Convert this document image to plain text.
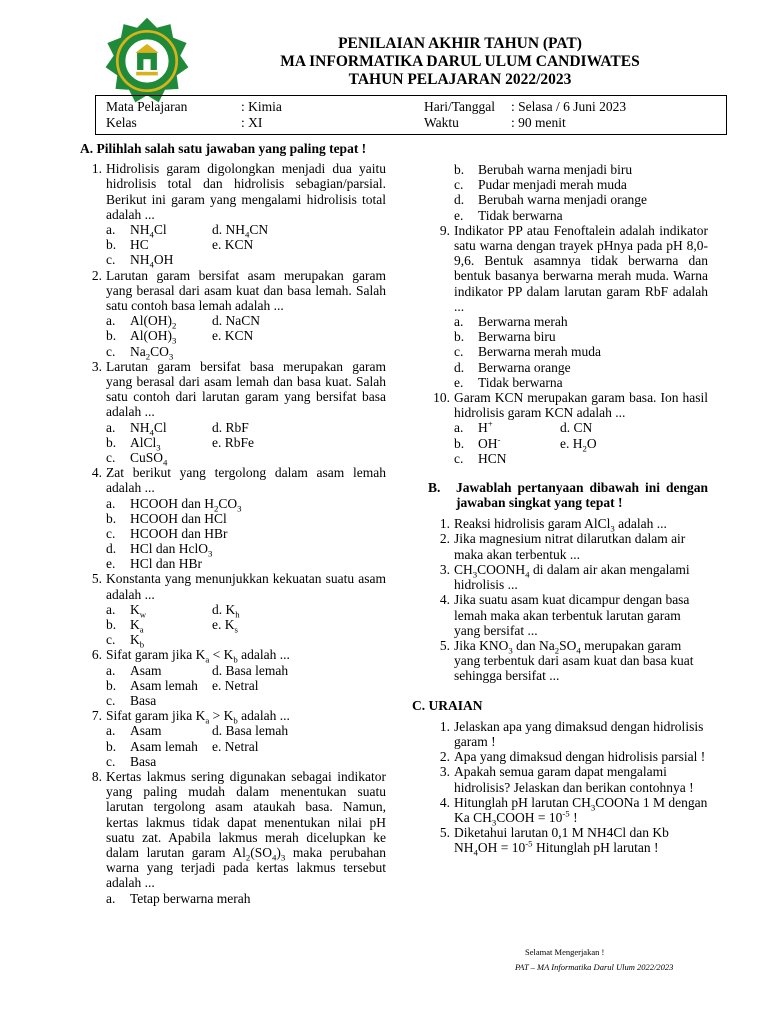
PENILAIAN AKHIR TAHUN (PAT)
MA INFORMATIKA DARUL ULUM CANDIWATES
TAHUN PELAJARAN 2022/2023
Mata Pelajaran	: Kimia	Hari/Tanggal : Selasa / 6 Juni 2023
Kelas	: XI	Waktu	: 90 menit
A. Pilihlah salah satu jawaban yang paling tepat !
1. Hidrolisis garam digolongkan menjadi dua yaitu hidrolisis total dan hidrolisis sebagian/parsial. Berikut ini garam yang mengalami hidrolisis total adalah ...
a.	$NH_4Cl$	d. $NH_4CN$
b.	HC	e. KCN
c.	$NH_4OH$
2. Larutan garam bersifat asam merupakan garam yang berasal dari asam kuat dan basa lemah. Salah satu contoh basa lemah adalah ...
a.	$Al(OH)_2$	d. NaCN
b.	$Al(OH)_3$	e. KCN
c.	$Na_2CO_3$
3. Larutan garam bersifat basa merupakan garam yang berasal dari asam lemah dan basa kuat. Salah satu contoh dari larutan garam yang bersifat basa adalah ...
a.	$NH_4Cl$	d. RbF
b.	AlCl$_3$	e. RbFe
c.	CuSO$_4$
4. Zat berikut yang tergolong dalam asam lemah adalah ...
a.	HCOOH dan $H_2CO_3$
b.	HCOOH dan HCl
c.	HCOOH dan HBr
d.	HCl dan HclO$_3$
e.	HCl dan HBr
5. Konstanta yang menunjukkan kekuatan suatu asam adalah ...
a.	$K_w$	d. $K_h$
b.	$K_a$	e. $K_s$
c.	$K_b$
6. Sifat garam jika $K_a < K_b$ adalah ...
a.	Asam	d. Basa lemah
b.	Asam lemah e. Netral
c.	Basa
7. Sifat garam jika $K_a > K_b$ adalah ...
a.	Asam	d. Basa lemah
b.	Asam lemah e. Netral
c.	Basa
8. Kertas lakmus sering digunakan sebagai indikator yang paling mudah dalam menentukan suatu larutan tergolong asam ataukah basa. Namun, kertas lakmus tidak dapat menentukan nilai pH suatu zat. Apabila lakmus merah dicelupkan ke dalam larutan garam $Al_2(SO_4)_3$ maka perubahan warna yang terjadi pada kertas lakmus tersebut adalah ...
a.	Tetap berwarna merah
b.	Berubah warna menjadi biru
c.	Pudar menjadi merah muda
d.	Berubah warna menjadi orange
e.	Tidak berwarna
9. Indikator PP atau Fenoftalein adalah indikator satu warna dengan trayek pHnya pada pH 8,0-9,6. Bentuk asamnya tidak berwarna dan bentuk basanya berwarna merah muda. Warna indikator PP dalam larutan garam RbF adalah ...
a.	Berwarna merah
b.	Berwarna biru
c.	Berwarna merah muda
d.	Berwarna orange
e.	Tidak berwarna
10. Garam KCN merupakan garam basa. Ion hasil hidrolisis garam KCN adalah ...
a.	H+	d. CN
b.	OH-	e. $H_2O$
c.	HCN
B. Jawablah pertanyaan dibawah ini dengan jawaban singkat yang tepat !
1. Reaksi hidrolisis garam AlCl$_3$ adalah ...
2. Jika magnesium nitrat dilarutkan dalam air maka akan terbentuk ...
3. $CH_3COONH_4$ di dalam air akan mengalami hidrolisis ...
4. Jika suatu asam kuat dicampur dengan basa lemah maka akan terbentuk larutan garam yang bersifat ...
5. Jika $KNO_3$ dan $Na_2SO_4$ merupakan garam yang terbentuk dari asam kuat dan basa kuat sehingga bersifat ...
C. URAIAN
1. Jelaskan apa yang dimaksud dengan hidrolisis garam !
2. Apa yang dimaksud dengan hidrolisis parsial !
3. Apakah semua garam dapat mengalami hidrolisis? Jelaskan dan berikan contohnya !
4. Hitunglah pH larutan $CH_3COONa$ 1 M dengan Ka $CH_3COOH = 10^{-5}$ !
5. Diketahui larutan 0,1 M NH4Cl dan Kb $NH_4OH = 10^{-5}$ Hitunglah pH larutan !
Selamat Mengerjakan !
PAT – MA Informatika Darul Ulum 2022/2023
